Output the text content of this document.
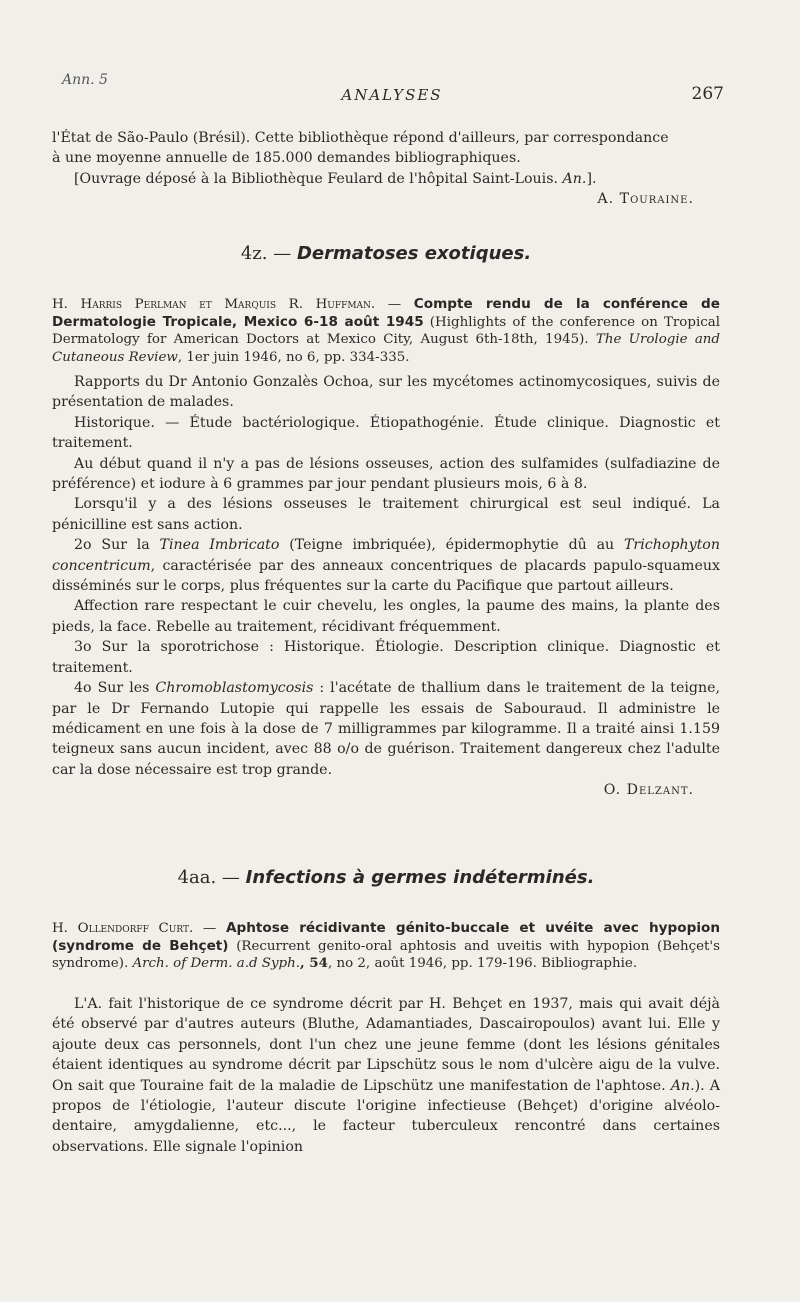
Ann. 5
ANALYSES	267

l'État de São-Paulo (Brésil). Cette bibliothèque répond d'ailleurs, par correspondance

à une moyenne annuelle de 185.000 demandes bibliographiques.

[Ouvrage déposé à la Bibliothèque Feulard de l'hôpital Saint-Louis. An.].

A. Touraine.

4z. — Dermatoses exotiques.

H. Harris Perlman et Marquis R. Huffman. — Compte rendu de la conférence de Dermatologie Tropicale, Mexico 6-18 août 1945 (Highlights of the conference on Tropical Dermatology for American Doctors at Mexico City, August 6th-18th, 1945). The Urologie and Cutaneous Review, 1er juin 1946, no 6, pp. 334-335.

Rapports du Dr Antonio Gonzalès Ochoa, sur les mycétomes actinomycosiques, suivis de présentation de malades.

Historique. — Étude bactériologique. Étiopathogénie. Étude clinique. Diagnostic et traitement.

Au début quand il n'y a pas de lésions osseuses, action des sulfamides (sulfadiazine de préférence) et iodure à 6 grammes par jour pendant plusieurs mois, 6 à 8.

Lorsqu'il y a des lésions osseuses le traitement chirurgical est seul indiqué. La pénicilline est sans action.

2o Sur la Tinea Imbricato (Teigne imbriquée), épidermophytie dû au Trichophyton concentricum, caractérisée par des anneaux concentriques de placards papulo-squameux disséminés sur le corps, plus fréquentes sur la carte du Pacifique que partout ailleurs.

Affection rare respectant le cuir chevelu, les ongles, la paume des mains, la plante des pieds, la face. Rebelle au traitement, récidivant fréquemment.

3o Sur la sporotrichose : Historique. Étiologie. Description clinique. Diagnostic et traitement.

4o Sur les Chromoblastomycosis : l'acétate de thallium dans le traitement de la teigne, par le Dr Fernando Lutopie qui rappelle les essais de Sabouraud. Il administre le médicament en une fois à la dose de 7 milligrammes par kilogramme. Il a traité ainsi 1.159 teigneux sans aucun incident, avec 88 o/o de guérison. Traitement dangereux chez l'adulte car la dose nécessaire est trop grande.

O. Delzant.

4aa. — Infections à germes indéterminés.

H. Ollendorff Curt. — Aphtose récidivante génito-buccale et uvéite avec hypopion (syndrome de Behçet) (Recurrent genito-oral aphtosis and uveitis with hypopion (Behçet's syndrome). Arch. of Derm. a.d Syph., 54, no 2, août 1946, pp. 179-196. Bibliographie.

L'A. fait l'historique de ce syndrome décrit par H. Behçet en 1937, mais qui avait déjà été observé par d'autres auteurs (Bluthe, Adamantiades, Dascairopoulos) avant lui. Elle y ajoute deux cas personnels, dont l'un chez une jeune femme (dont les lésions génitales étaient identiques au syndrome décrit par Lipschütz sous le nom d'ulcère aigu de la vulve. On sait que Touraine fait de la maladie de Lipschütz une manifestation de l'aphtose. An.). A propos de l'étiologie, l'auteur discute l'origine infectieuse (Behçet) d'origine alvéolo-dentaire, amygdalienne, etc..., le facteur tuberculeux rencontré dans certaines observations. Elle signale l'opinion
